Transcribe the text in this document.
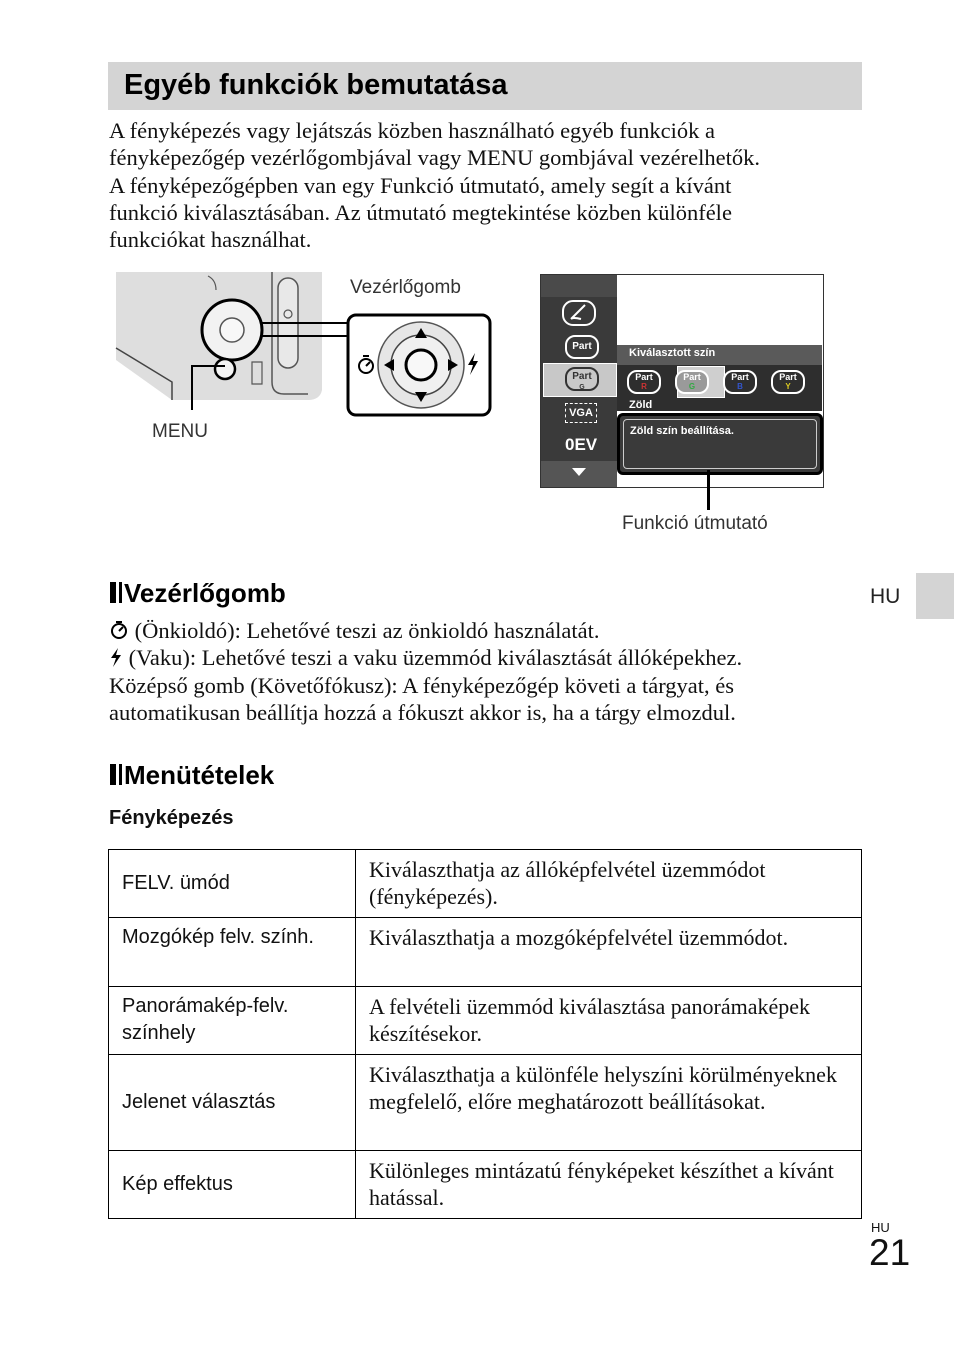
Egyéb funkciók bemutatása

A fényképezés vagy lejátszás közben használható egyéb funkciók a

fényképezőgép vezérlőgombjával vagy MENU gombjával vezérelhetők.

A fényképezőgépben van egy Funkció útmutató, amely segít a kívánt

funkció kiválasztásában. Az útmutató megtekintése közben különféle

funkciókat használhat.

Vezérlőgomb
MENU
Part
Part
G
VGA
0EV
Kiválasztott szín
Part
R
Part
G
Part
B
Part
Y
Zöld
Zöld szín beállítása.
Funkció útmutató
HU
Vezérlőgomb

(Önkioldó): Lehetővé teszi az önkioldó használatát.

(Vaku): Lehetővé teszi a vaku üzemmód kiválasztását állóképekhez.

Középső gomb (Követőfókusz): A fényképezőgép követi a tárgyat, és

automatikusan beállítja hozzá a fókuszt akkor is, ha a tárgy elmozdul.

Menütételek
Fényképezés
FELV. ümód	Kiválaszthatja az állóképfelvétel üzemmódot (fényképezés).
Mozgókép felv. szính.	Kiválaszthatja a mozgóképfelvétel üzemmódot.
Panorámakép-felv. színhely	A felvételi üzemmód kiválasztása panorámaképek készítésekor.
Jelenet választás	Kiválaszthatja a különféle helyszíni körülményeknek megfelelő, előre meghatározott beállításokat.
Kép effektus	Különleges mintázatú fényképeket készíthet a kívánt hatással.
HU
21
